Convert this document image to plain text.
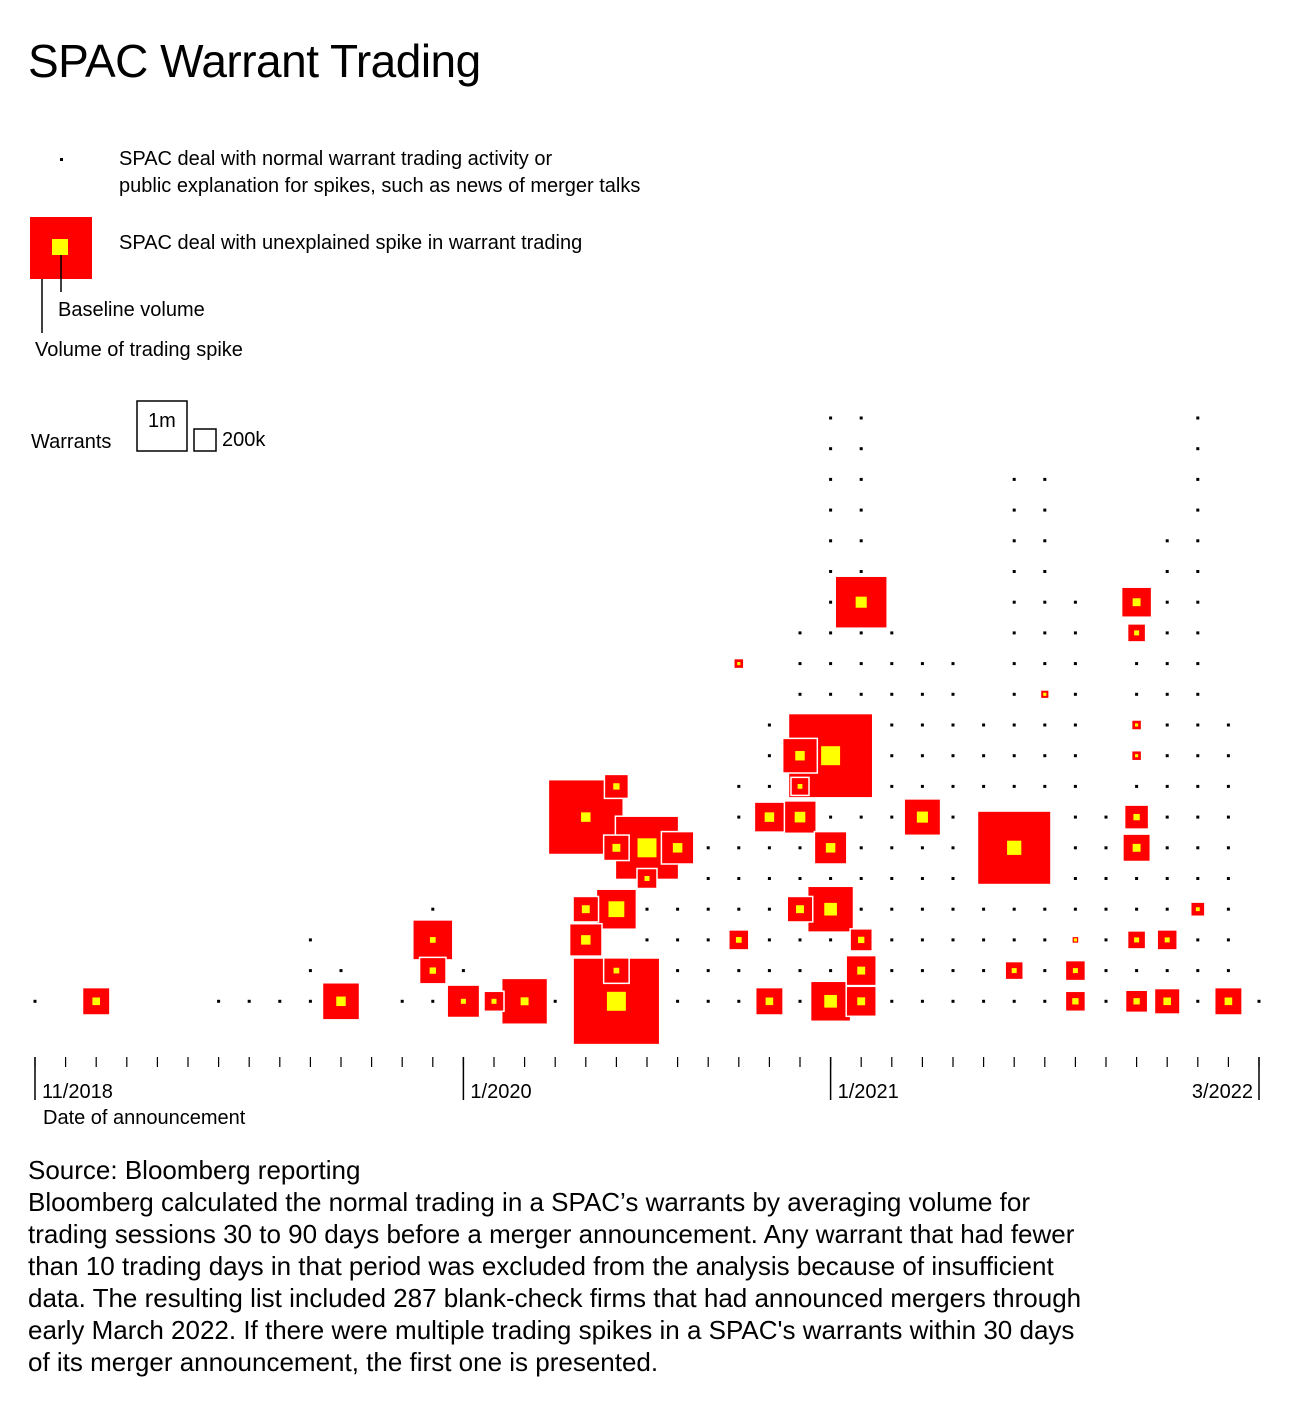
SPAC Warrant Trading
SPAC deal with normal warrant trading activity or
public explanation for spikes, such as news of merger talks
SPAC deal with unexplained spike in warrant trading
Baseline volume
Volume of trading spike
Warrants
1m
200k
11/2018	1/2020	1/2021	3/2022
Date of announcement
Source: Bloomberg reporting
Bloomberg calculated the normal trading in a SPAC’s warrants by averaging volume for trading sessions 30 to 90 days before a merger announcement. Any warrant that had fewer than 10 trading days in that period was excluded from the analysis because of insufficient data. The resulting list included 287 blank-check firms that had announced mergers through early March 2022. If there were multiple trading spikes in a SPAC's warrants within 30 days of its merger announcement, the first one is presented.
